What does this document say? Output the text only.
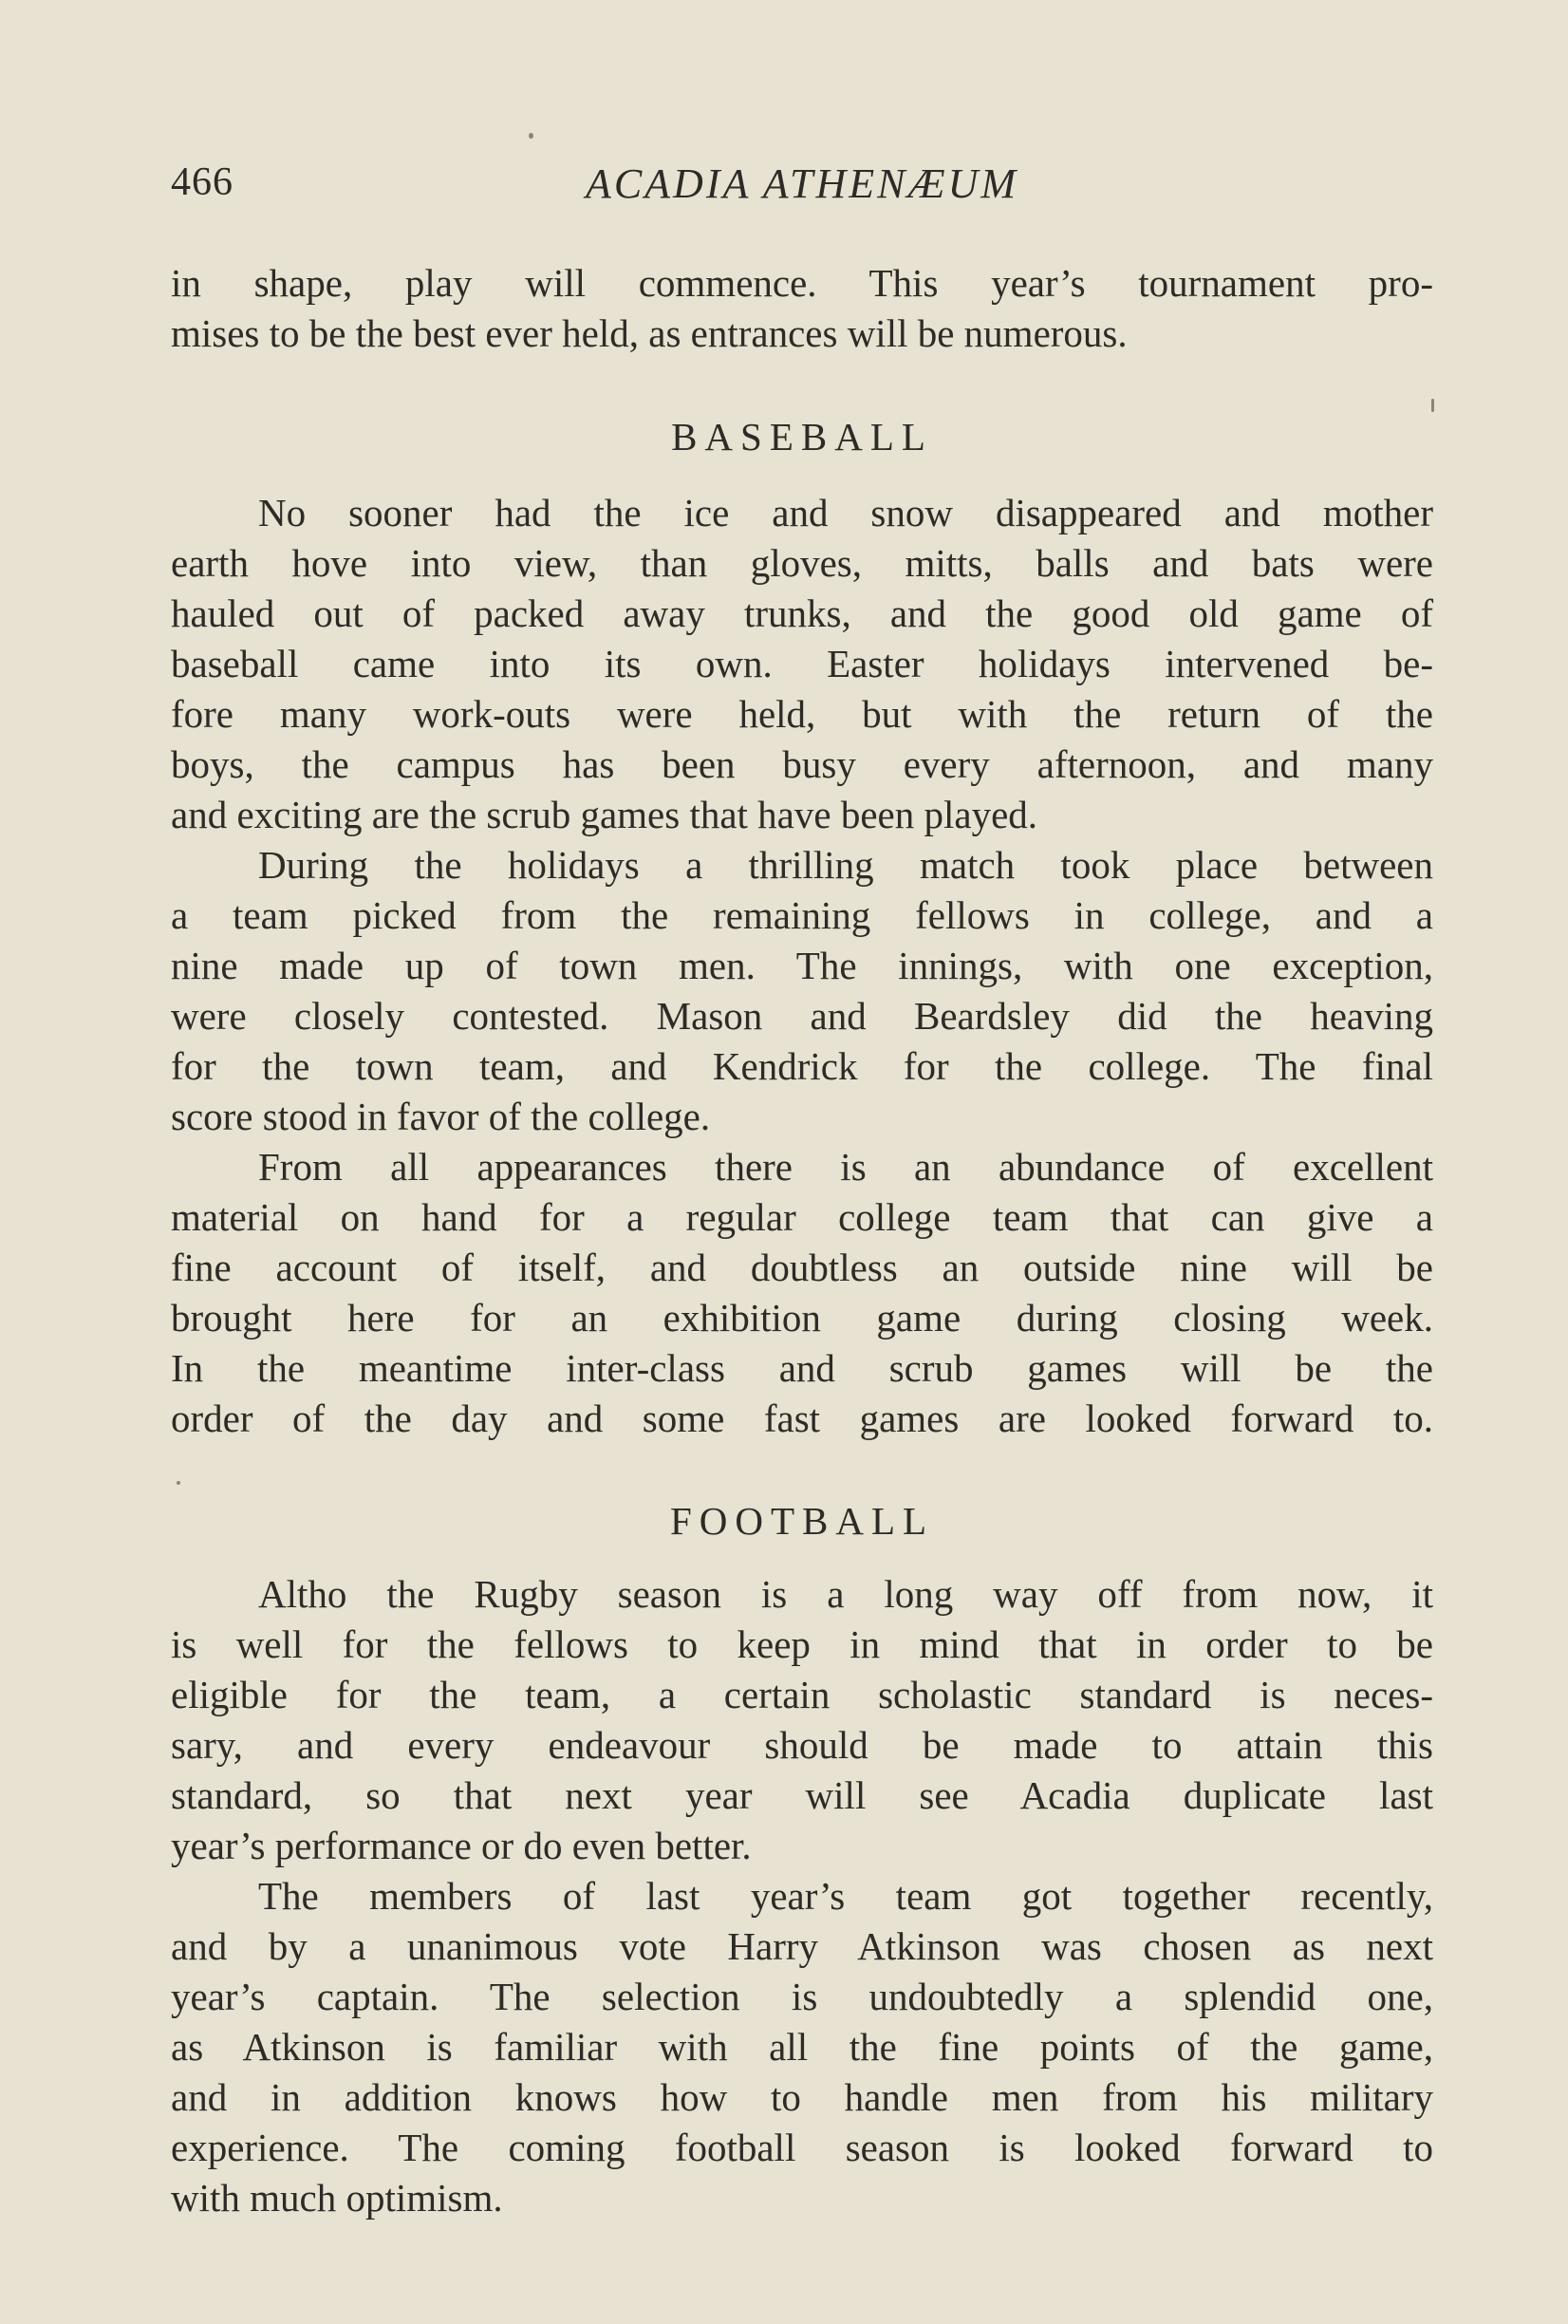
466	ACADIA ATHENÆUM
in shape, play will commence. This year’s tournament pro-
mises to be the best ever held, as entrances will be numerous.
BASEBALL
No sooner had the ice and snow disappeared and mother
earth hove into view, than gloves, mitts, balls and bats were
hauled out of packed away trunks, and the good old game of
baseball came into its own. Easter holidays intervened be-
fore many work-outs were held, but with the return of the
boys, the campus has been busy every afternoon, and many
and exciting are the scrub games that have been played.
During the holidays a thrilling match took place between
a team picked from the remaining fellows in college, and a
nine made up of town men. The innings, with one exception,
were closely contested. Mason and Beardsley did the heaving
for the town team, and Kendrick for the college. The final
score stood in favor of the college.
From all appearances there is an abundance of excellent
material on hand for a regular college team that can give a
fine account of itself, and doubtless an outside nine will be
brought here for an exhibition game during closing week.
In the meantime inter-class and scrub games will be the
order of the day and some fast games are looked forward to.
FOOTBALL
Altho the Rugby season is a long way off from now, it
is well for the fellows to keep in mind that in order to be
eligible for the team, a certain scholastic standard is neces-
sary, and every endeavour should be made to attain this
standard, so that next year will see Acadia duplicate last
year’s performance or do even better.
The members of last year’s team got together recently,
and by a unanimous vote Harry Atkinson was chosen as next
year’s captain. The selection is undoubtedly a splendid one,
as Atkinson is familiar with all the fine points of the game,
and in addition knows how to handle men from his military
experience. The coming football season is looked forward to
with much optimism.
